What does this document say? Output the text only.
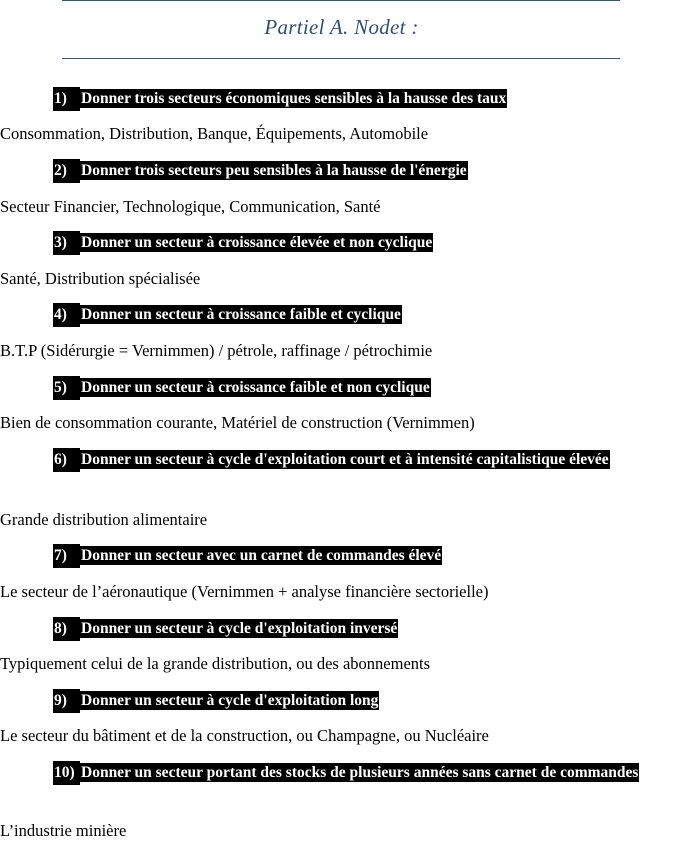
Partiel A. Nodet :
1) Donner trois secteurs économiques sensibles à la hausse des taux
Consommation, Distribution, Banque, Équipements, Automobile
2) Donner trois secteurs peu sensibles à la hausse de l'énergie
Secteur Financier, Technologique, Communication, Santé
3) Donner un secteur à croissance élevée et non cyclique
Santé, Distribution spécialisée
4) Donner un secteur à croissance faible et cyclique
B.T.P (Sidérurgie = Vernimmen) / pétrole, raffinage / pétrochimie
5) Donner un secteur à croissance faible et non cyclique
Bien de consommation courante, Matériel de construction (Vernimmen)
6) Donner un secteur à cycle d'exploitation court et à intensité capitalistique élevée
Grande distribution alimentaire
7) Donner un secteur avec un carnet de commandes élevé
Le secteur de l’aéronautique (Vernimmen + analyse financière sectorielle)
8) Donner un secteur à cycle d'exploitation inversé
Typiquement celui de la grande distribution, ou des abonnements
9) Donner un secteur à cycle d'exploitation long
Le secteur du bâtiment et de la construction, ou Champagne, ou Nucléaire
10) Donner un secteur portant des stocks de plusieurs années sans carnet de commandes
L’industrie minière
